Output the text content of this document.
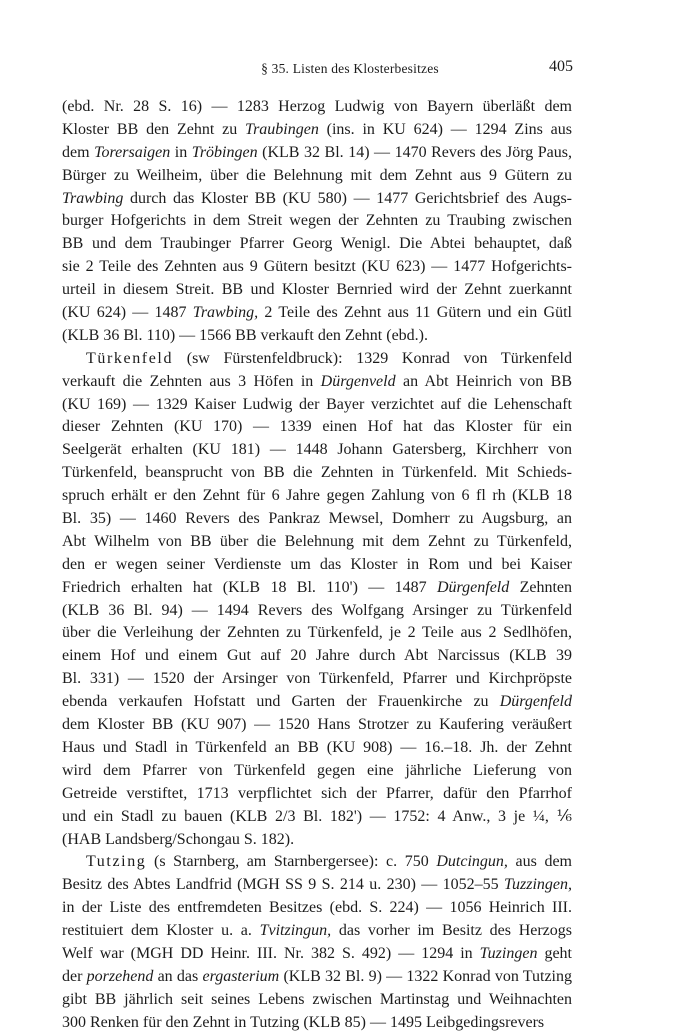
§ 35. Listen des Klosterbesitzes	405
(ebd. Nr. 28 S. 16) — 1283 Herzog Ludwig von Bayern überläßt dem
Kloster BB den Zehnt zu Traubingen (ins. in KU 624) — 1294 Zins aus
dem Torersaigen in Tröbingen (KLB 32 Bl. 14) — 1470 Revers des Jörg Paus,
Bürger zu Weilheim, über die Belehnung mit dem Zehnt aus 9 Gütern zu
Trawbing durch das Kloster BB (KU 580) — 1477 Gerichtsbrief des Augs-
burger Hofgerichts in dem Streit wegen der Zehnten zu Traubing zwischen
BB und dem Traubinger Pfarrer Georg Wenigl. Die Abtei behauptet, daß
sie 2 Teile des Zehnten aus 9 Gütern besitzt (KU 623) — 1477 Hofgerichts-
urteil in diesem Streit. BB und Kloster Bernried wird der Zehnt zuerkannt
(KU 624) — 1487 Trawbing, 2 Teile des Zehnt aus 11 Gütern und ein Gütl
(KLB 36 Bl. 110) — 1566 BB verkauft den Zehnt (ebd.).
Türkenfeld (sw Fürstenfeldbruck): 1329 Konrad von Türkenfeld
verkauft die Zehnten aus 3 Höfen in Dürgenveld an Abt Heinrich von BB
(KU 169) — 1329 Kaiser Ludwig der Bayer verzichtet auf die Lehenschaft
dieser Zehnten (KU 170) — 1339 einen Hof hat das Kloster für ein
Seelgerät erhalten (KU 181) — 1448 Johann Gatersberg, Kirchherr von
Türkenfeld, beansprucht von BB die Zehnten in Türkenfeld. Mit Schieds-
spruch erhält er den Zehnt für 6 Jahre gegen Zahlung von 6 fl rh (KLB 18
Bl. 35) — 1460 Revers des Pankraz Mewsel, Domherr zu Augsburg, an
Abt Wilhelm von BB über die Belehnung mit dem Zehnt zu Türkenfeld,
den er wegen seiner Verdienste um das Kloster in Rom und bei Kaiser
Friedrich erhalten hat (KLB 18 Bl. 110') — 1487 Dürgenfeld Zehnten
(KLB 36 Bl. 94) — 1494 Revers des Wolfgang Arsinger zu Türkenfeld
über die Verleihung der Zehnten zu Türkenfeld, je 2 Teile aus 2 Sedlhöfen,
einem Hof und einem Gut auf 20 Jahre durch Abt Narcissus (KLB 39
Bl. 331) — 1520 der Arsinger von Türkenfeld, Pfarrer und Kirchpröpste
ebenda verkaufen Hofstatt und Garten der Frauenkirche zu Dürgenfeld
dem Kloster BB (KU 907) — 1520 Hans Strotzer zu Kaufering veräußert
Haus und Stadl in Türkenfeld an BB (KU 908) — 16.–18. Jh. der Zehnt
wird dem Pfarrer von Türkenfeld gegen eine jährliche Lieferung von
Getreide verstiftet, 1713 verpflichtet sich der Pfarrer, dafür den Pfarrhof
und ein Stadl zu bauen (KLB 2/3 Bl. 182') — 1752: 4 Anw., 3 je ¼, ⅙
(HAB Landsberg/Schongau S. 182).
Tutzing (s Starnberg, am Starnbergersee): c. 750 Dutcingun, aus dem
Besitz des Abtes Landfrid (MGH SS 9 S. 214 u. 230) — 1052–55 Tuzzingen,
in der Liste des entfremdeten Besitzes (ebd. S. 224) — 1056 Heinrich III.
restituiert dem Kloster u. a. Tvitzingun, das vorher im Besitz des Herzogs
Welf war (MGH DD Heinr. III. Nr. 382 S. 492) — 1294 in Tuzingen geht
der porzehend an das ergasterium (KLB 32 Bl. 9) — 1322 Konrad von Tutzing
gibt BB jährlich seit seines Lebens zwischen Martinstag und Weihnachten
300 Renken für den Zehnt in Tutzing (KLB 85) — 1495 Leibgedingsrevers
